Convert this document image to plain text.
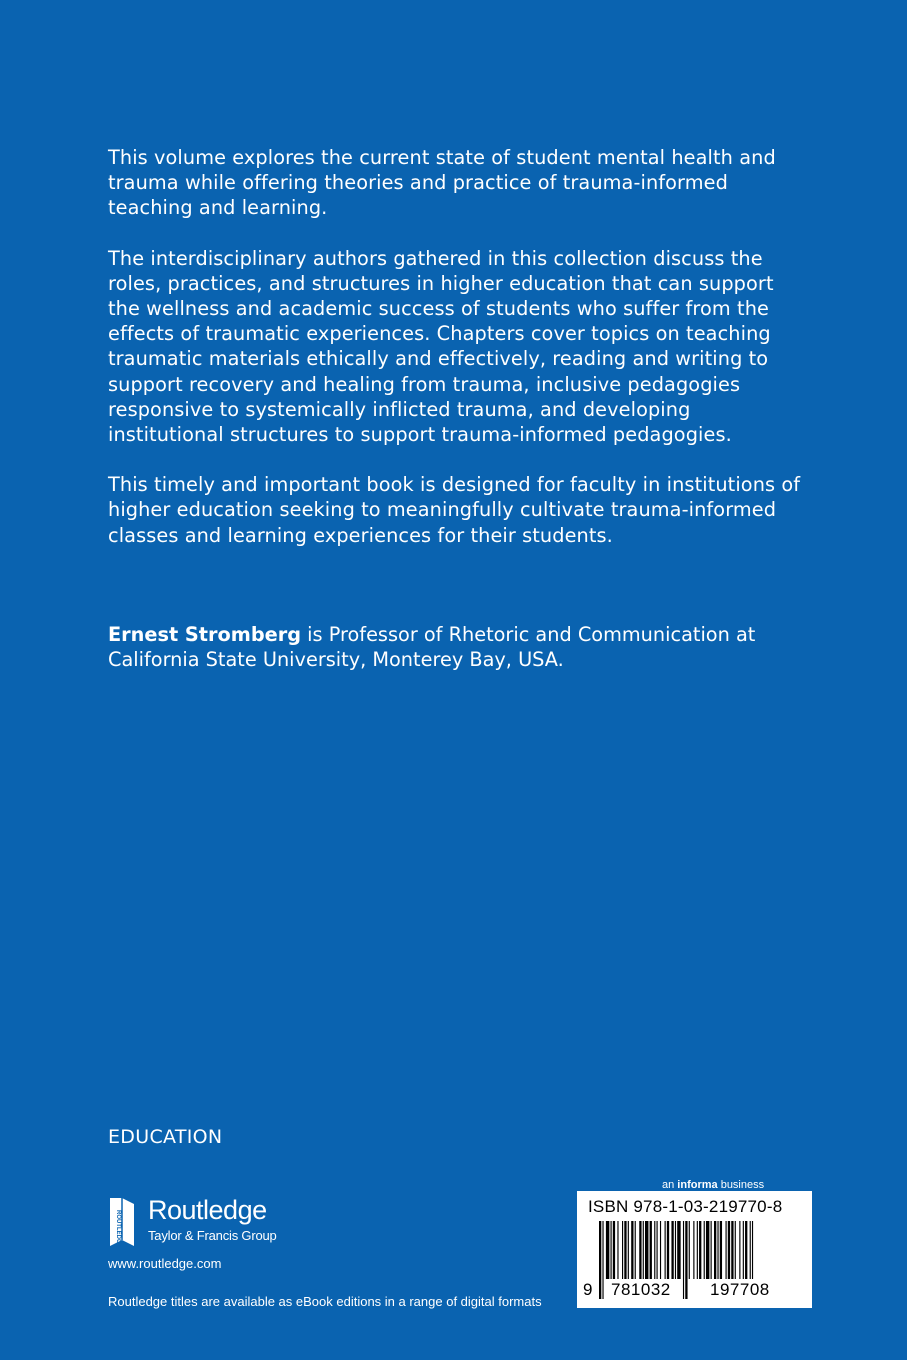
This volume explores the current state of student mental health and trauma while offering theories and practice of trauma-informed teaching and learning.

The interdisciplinary authors gathered in this collection discuss the roles, practices, and structures in higher education that can support the wellness and academic success of students who suffer from the effects of traumatic experiences. Chapters cover topics on teaching traumatic materials ethically and effectively, reading and writing to support recovery and healing from trauma, inclusive pedagogies responsive to systemically inflicted trauma, and developing institutional structures to support trauma-informed pedagogies.

This timely and important book is designed for faculty in institutions of higher education seeking to meaningfully cultivate trauma-informed classes and learning experiences for their students.

Ernest Stromberg is Professor of Rhetoric and Communication at California State University, Monterey Bay, USA.

EDUCATION
ROUTLEDGE Routledge
Taylor & Francis Group
www.routledge.com
Routledge titles are available as eBook editions in a range of digital formats
an informa business
ISBN 978-1-03-219770-8
9 781032 197708
